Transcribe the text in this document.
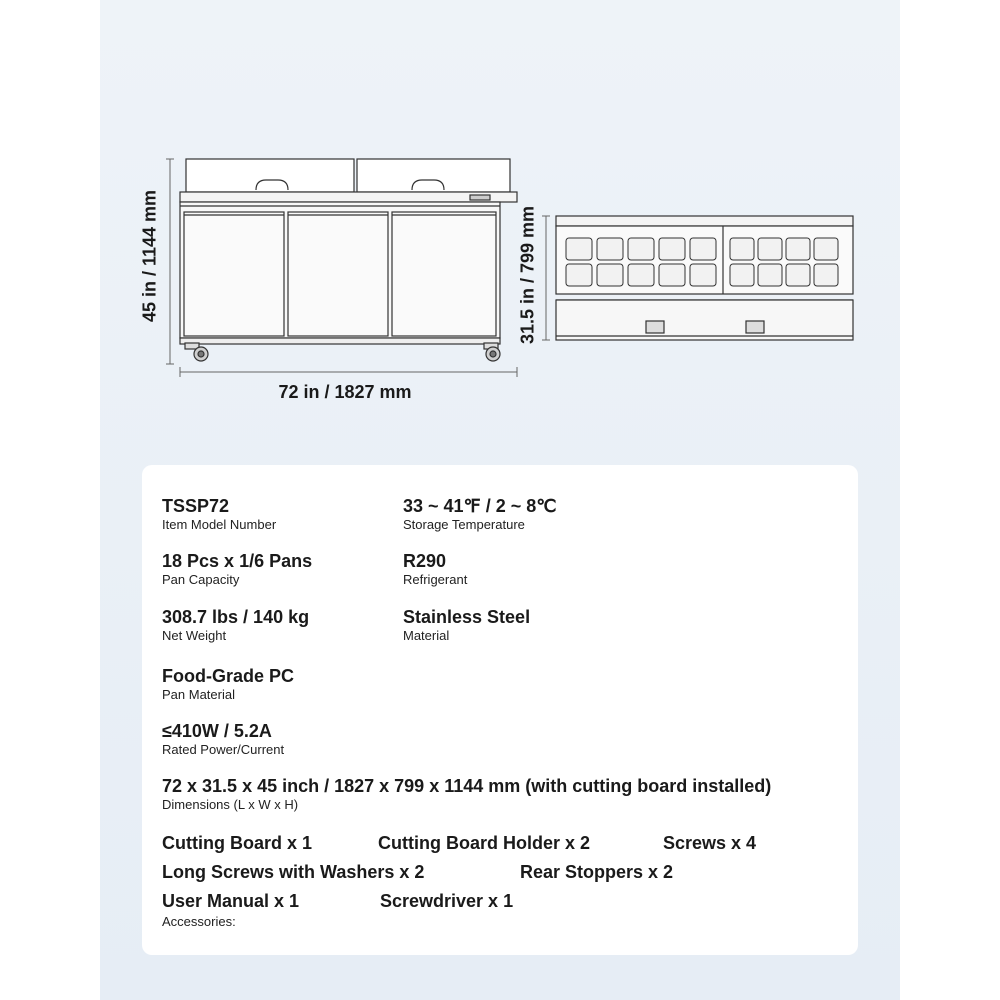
45 in / 1144 mm
72 in / 1827 mm
31.5 in / 799 mm
TSSP72
Item Model Number
33 ~ 41℉ / 2 ~ 8℃
Storage Temperature
18 Pcs x 1/6 Pans
Pan Capacity
R290
Refrigerant
308.7 lbs / 140 kg
Net Weight
Stainless Steel
Material
Food-Grade PC
Pan Material
≤410W / 5.2A
Rated Power/Current
72 x 31.5 x 45 inch / 1827 x 799 x 1144 mm (with cutting board installed)
Dimensions (L x W x H)
Cutting Board x 1	Cutting Board Holder x 2	Screws x 4
Long Screws with Washers x 2	Rear Stoppers x 2
User Manual x 1	Screwdriver x 1
Accessories:
